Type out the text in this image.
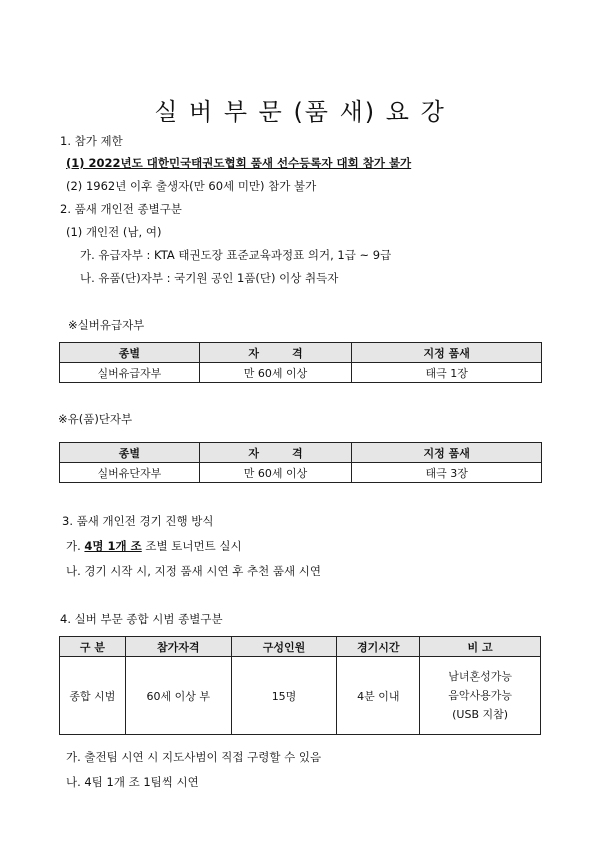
실 버 부 문 (품 새) 요 강
1. 참가 제한
(1) 2022년도 대한민국태권도협회 품새 선수등록자 대회 참가 불가
(2) 1962년 이후 출생자(만 60세 미만) 참가 불가
2. 품새 개인전 종별구분
(1) 개인전 (남, 여)
가. 유급자부 : KTA 태권도장 표준교육과정표 의거, 1급 ~ 9급
나. 유품(단)자부 : 국기원 공인 1품(단) 이상 취득자
※실버유급자부
종별	자　　　격	지정 품새
실버유급자부	만 60세 이상	태극 1장
※유(품)단자부
종별	자　　　격	지정 품새
실버유단자부	만 60세 이상	태극 3장
3. 품새 개인전 경기 진행 방식
가. 4명 1개 조 조별 토너먼트 실시
나. 경기 시작 시, 지정 품새 시연 후 추천 품새 시연
4. 실버 부문 종합 시범 종별구분
구 분	참가자격	구성인원	경기시간	비 고
종합 시범	60세 이상 부	15명	4분 이내	남녀혼성가능
음악사용가능
(USB 지참)
가. 출전팀 시연 시 지도사범이 직접 구령할 수 있음
나. 4팀 1개 조 1팀씩 시연
